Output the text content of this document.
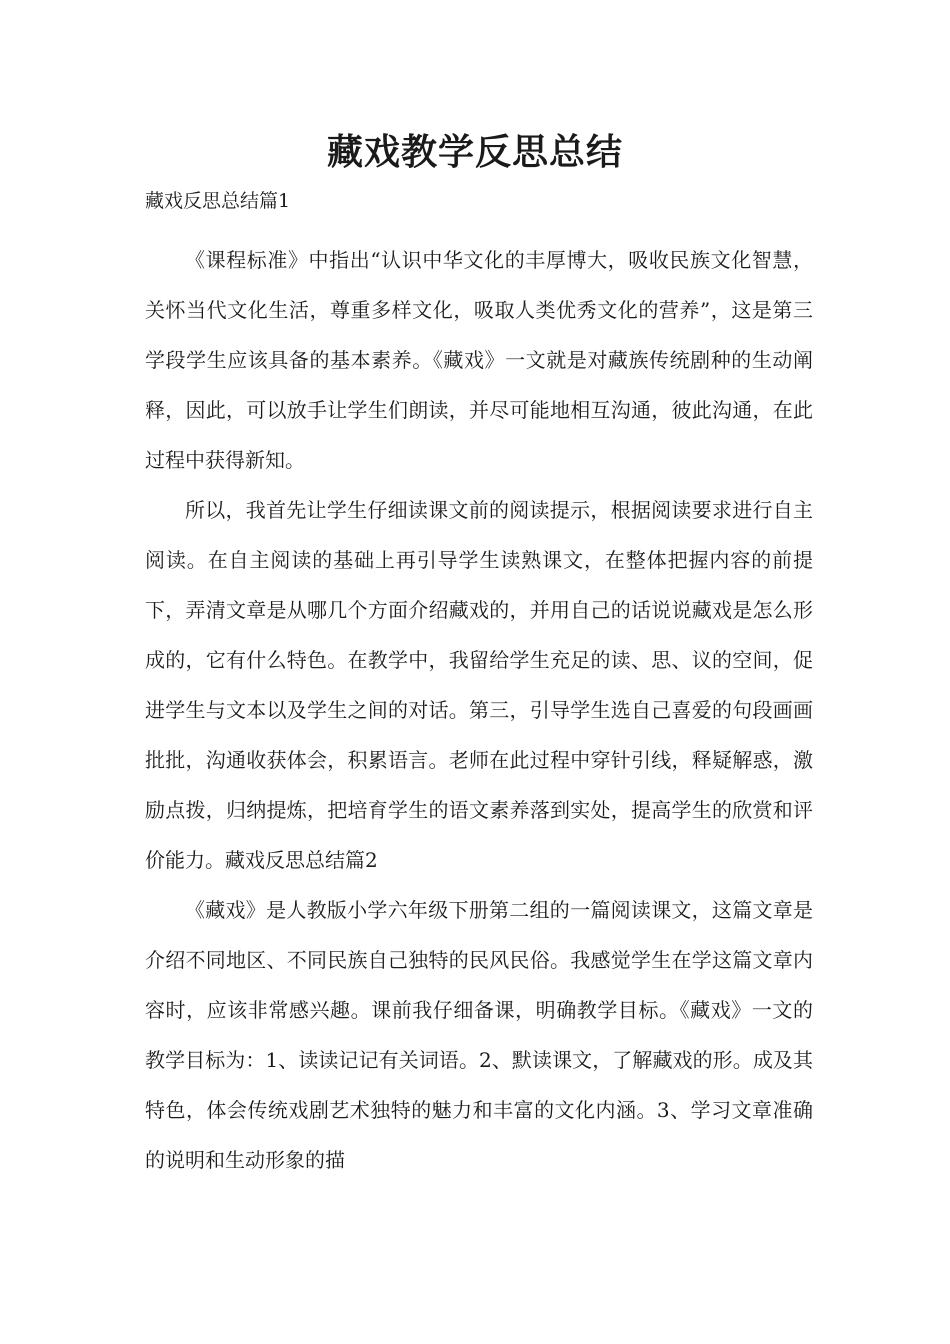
藏戏教学反思总结

藏戏反思总结篇1

《课程标准》中指出“认识中华文化的丰厚博大，吸收民族文化智慧，关怀当代文化生活，尊重多样文化，吸取人类优秀文化的营养”，这是第三学段学生应该具备的基本素养。《藏戏》一文就是对藏族传统剧种的生动阐释，因此，可以放手让学生们朗读，并尽可能地相互沟通，彼此沟通，在此过程中获得新知。

所以，我首先让学生仔细读课文前的阅读提示，根据阅读要求进行自主阅读。在自主阅读的基础上再引导学生读熟课文，在整体把握内容的前提下，弄清文章是从哪几个方面介绍藏戏的，并用自己的话说说藏戏是怎么形成的，它有什么特色。在教学中，我留给学生充足的读、思、议的空间，促进学生与文本以及学生之间的对话。第三，引导学生选自己喜爱的句段画画批批，沟通收获体会，积累语言。老师在此过程中穿针引线，释疑解惑，激励点拨，归纳提炼，把培育学生的语文素养落到实处，提高学生的欣赏和评价能力。藏戏反思总结篇2

《藏戏》是人教版小学六年级下册第二组的一篇阅读课文，这篇文章是介绍不同地区、不同民族自己独特的民风民俗。我感觉学生在学这篇文章内容时，应该非常感兴趣。课前我仔细备课，明确教学目标。《藏戏》一文的教学目标为：1、读读记记有关词语。2、默读课文，了解藏戏的形。成及其特色，体会传统戏剧艺术独特的魅力和丰富的文化内涵。3、学习文章准确的说明和生动形象的描
